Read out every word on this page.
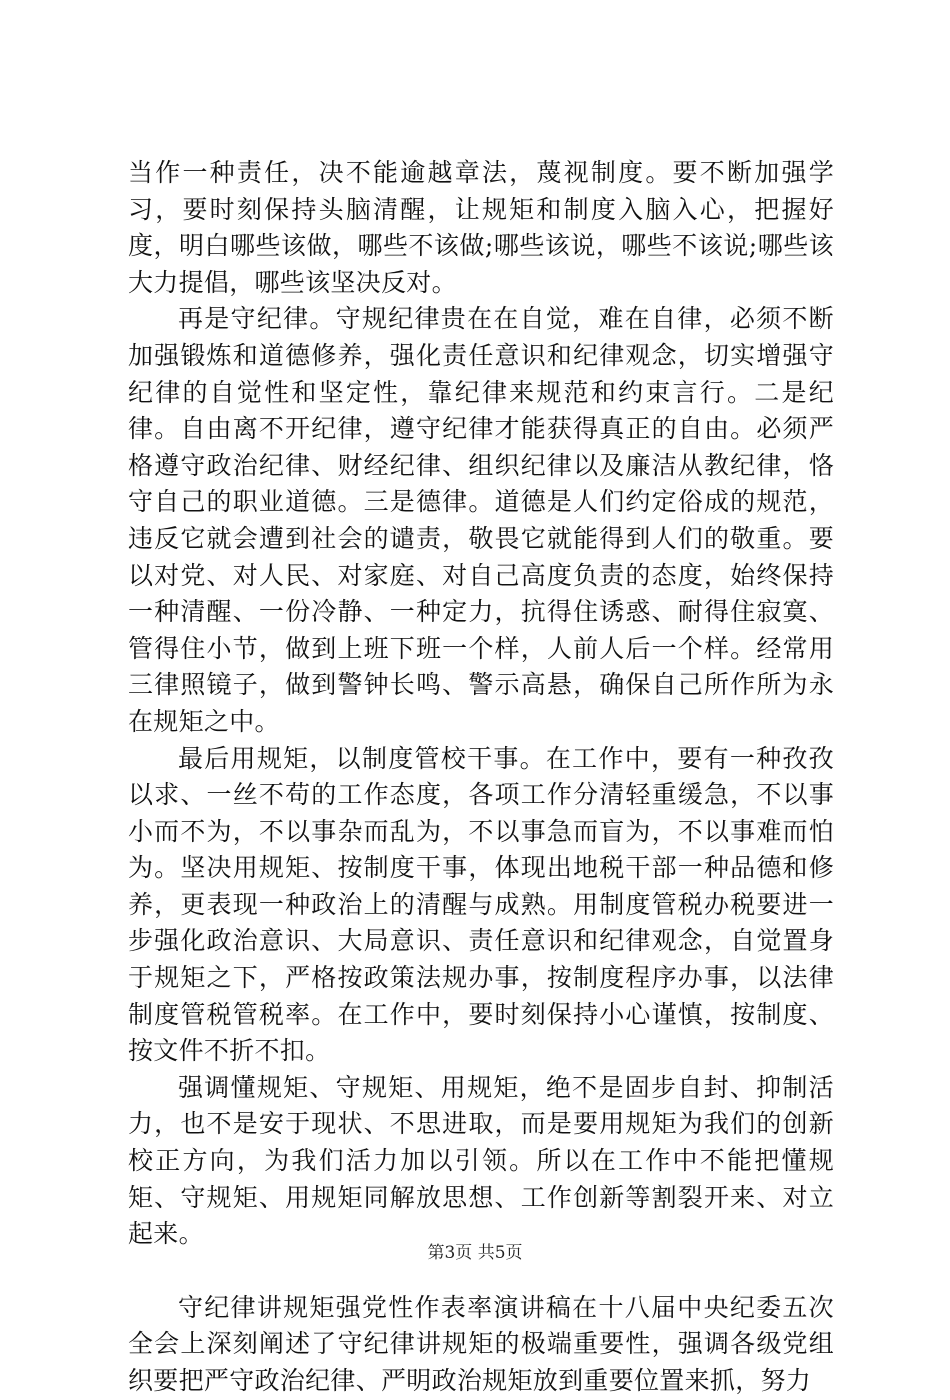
当作一种责任，决不能逾越章法，蔑视制度。要不断加强学习，要时刻保持头脑清醒，让规矩和制度入脑入心，把握好度，明白哪些该做，哪些不该做;哪些该说，哪些不该说;哪些该大力提倡，哪些该坚决反对。

再是守纪律。守规纪律贵在在自觉，难在自律，必须不断加强锻炼和道德修养，强化责任意识和纪律观念，切实增强守纪律的自觉性和坚定性，靠纪律来规范和约束言行。二是纪律。自由离不开纪律，遵守纪律才能获得真正的自由。必须严格遵守政治纪律、财经纪律、组织纪律以及廉洁从教纪律，恪守自己的职业道德。三是德律。道德是人们约定俗成的规范，违反它就会遭到社会的谴责，敬畏它就能得到人们的敬重。要以对党、对人民、对家庭、对自己高度负责的态度，始终保持一种清醒、一份冷静、一种定力，抗得住诱惑、耐得住寂寞、管得住小节，做到上班下班一个样，人前人后一个样。经常用三律照镜子，做到警钟长鸣、警示高悬，确保自己所作所为永在规矩之中。

最后用规矩，以制度管校干事。在工作中，要有一种孜孜以求、一丝不苟的工作态度，各项工作分清轻重缓急，不以事小而不为，不以事杂而乱为，不以事急而盲为，不以事难而怕为。坚决用规矩、按制度干事，体现出地税干部一种品德和修养，更表现一种政治上的清醒与成熟。用制度管税办税要进一步强化政治意识、大局意识、责任意识和纪律观念，自觉置身于规矩之下，严格按政策法规办事，按制度程序办事，以法律制度管税管税率。在工作中，要时刻保持小心谨慎，按制度、按文件不折不扣。

强调懂规矩、守规矩、用规矩，绝不是固步自封、抑制活力，也不是安于现状、不思进取，而是要用规矩为我们的创新校正方向，为我们活力加以引领。所以在工作中不能把懂规矩、守规矩、用规矩同解放思想、工作创新等割裂开来、对立起来。

守纪律讲规矩强党性作表率演讲稿在十八届中央纪委五次全会上深刻阐述了守纪律讲规矩的极端重要性，强调各级党组织要把严守政治纪律、严明政治规矩放到重要位置来抓，努力

第3页 共5页
